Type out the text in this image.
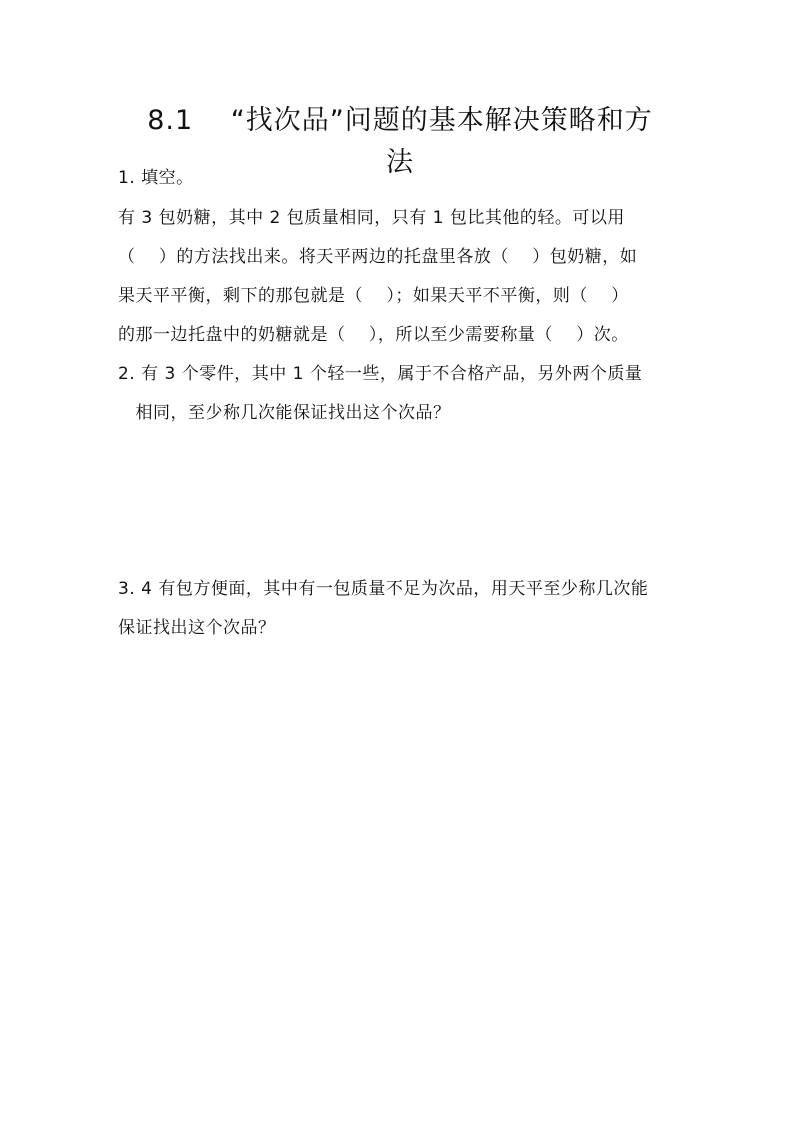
8.1　 “找次品”问题的基本解决策略和方
法
1. 填空。
有 3 包奶糖，其中 2 包质量相同，只有 1 包比其他的轻。可以用
（　 ）的方法找出来。将天平两边的托盘里各放（　 ）包奶糖，如
果天平平衡，剩下的那包就是（　 ）；如果天平不平衡，则（　 ）
的那一边托盘中的奶糖就是（　 ），所以至少需要称量（　 ）次。
2. 有 3 个零件，其中 1 个轻一些，属于不合格产品，另外两个质量
　相同，至少称几次能保证找出这个次品？
3. 4 有包方便面，其中有一包质量不足为次品，用天平至少称几次能
保证找出这个次品？
